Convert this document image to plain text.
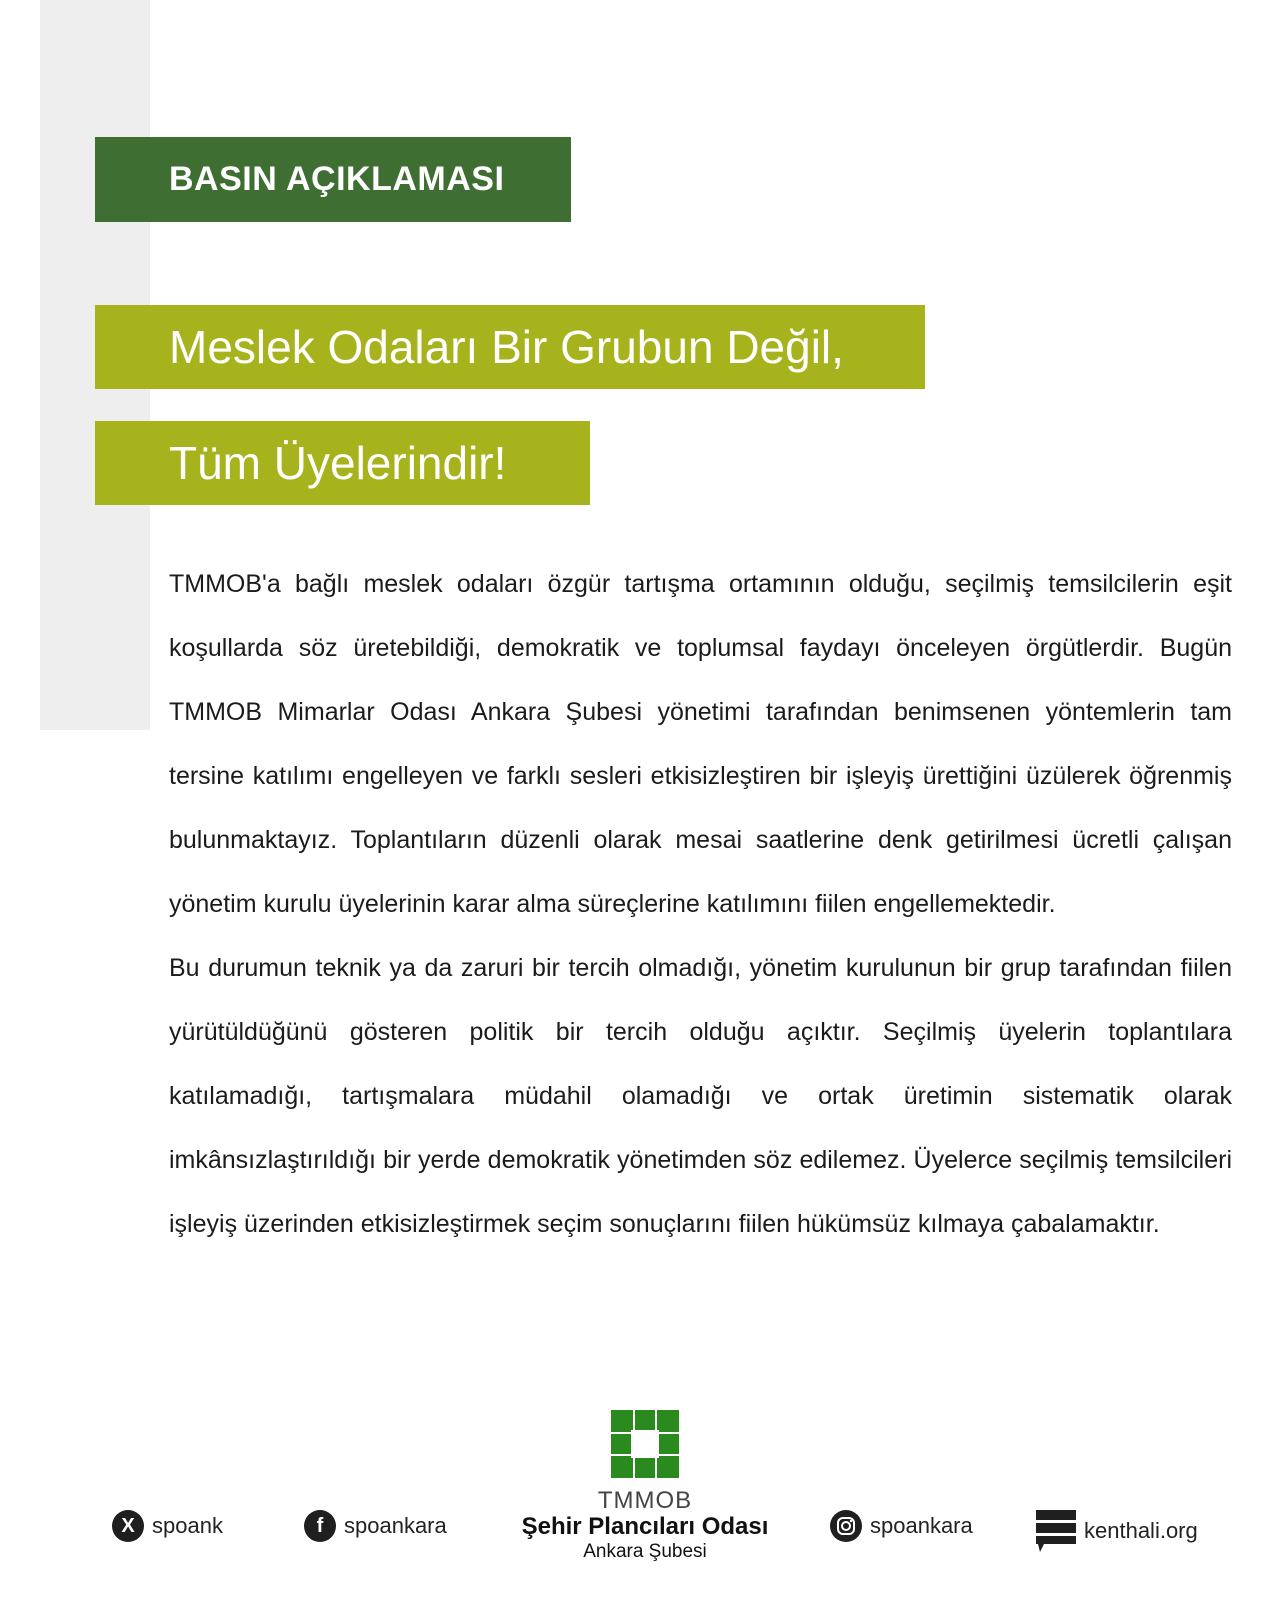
BASIN AÇIKLAMASI
Meslek Odaları Bir Grubun Değil,
Tüm Üyelerindir!

TMMOB'a bağlı meslek odaları özgür tartışma ortamının olduğu, seçilmiş temsilcilerin eşit koşullarda söz üretebildiği, demokratik ve toplumsal faydayı önceleyen örgütlerdir. Bugün TMMOB Mimarlar Odası Ankara Şubesi yönetimi tarafından benimsenen yöntemlerin tam tersine katılımı engelleyen ve farklı sesleri etkisizleştiren bir işleyiş ürettiğini üzülerek öğrenmiş bulunmaktayız. Toplantıların düzenli olarak mesai saatlerine denk getirilmesi ücretli çalışan yönetim kurulu üyelerinin karar alma süreçlerine katılımını fiilen engellemektedir.

Bu durumun teknik ya da zaruri bir tercih olmadığı, yönetim kurulunun bir grup tarafından fiilen yürütüldüğünü gösteren politik bir tercih olduğu açıktır. Seçilmiş üyelerin toplantılara katılamadığı, tartışmalara müdahil olamadığı ve ortak üretimin sistematik olarak imkânsızlaştırıldığı bir yerde demokratik yönetimden söz edilemez. Üyelerce seçilmiş temsilcileri işleyiş üzerinden etkisizleştirmek seçim sonuçlarını fiilen hükümsüz kılmaya çabalamaktır.

X spoank	f spoankara
TMMOB
Şehir Plancıları Odası
Ankara Şubesi
spoankara	kenthali.org
